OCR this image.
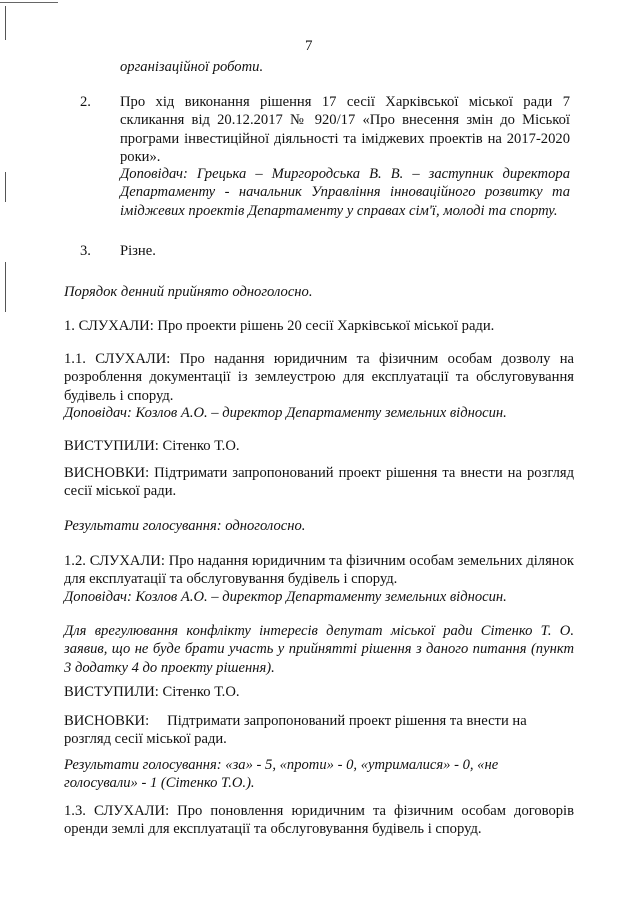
7
організаційної роботи.
2. Про хід виконання рішення 17 сесії Харківської міської ради 7 скликання від 20.12.2017 № 920/17 «Про внесення змін до Міської програми інвестиційної діяльності та іміджевих проектів на 2017-2020 роки».
Доповідач: Грецька – Миргородська В. В. – заступник директора Департаменту - начальник Управління інноваційного розвитку та іміджевих проектів Департаменту у справах сім'ї, молоді та спорту.
3. Різне.
Порядок денний прийнято одноголосно.
1. СЛУХАЛИ: Про проекти рішень 20 сесії Харківської міської ради.
1.1. СЛУХАЛИ: Про надання юридичним та фізичним особам дозволу на розроблення документації із землеустрою для експлуатації та обслуговування будівель і споруд.
Доповідач: Козлов А.О. – директор Департаменту земельних відносин.
ВИСТУПИЛИ: Сітенко Т.О.
ВИСНОВКИ: Підтримати запропонований проект рішення та внести на розгляд сесії міської ради.
Результати голосування: одноголосно.
1.2. СЛУХАЛИ: Про надання юридичним та фізичним особам земельних ділянок для експлуатації та обслуговування будівель і споруд.
Доповідач: Козлов А.О. – директор Департаменту земельних відносин.
Для врегулювання конфлікту інтересів депутат міської ради Сітенко Т. О. заявив, що не буде брати участь у прийнятті рішення з даного питання (пункт 3 додатку 4 до проекту рішення).
ВИСТУПИЛИ: Сітенко Т.О.
ВИСНОВКИ: Підтримати запропонований проект рішення та внести на розгляд сесії міської ради.
Результати голосування: «за» - 5, «проти» - 0, «утрималися» - 0, «не голосували» - 1 (Сітенко Т.О.).
1.3. СЛУХАЛИ: Про поновлення юридичним та фізичним особам договорів оренди землі для експлуатації та обслуговування будівель і споруд.
